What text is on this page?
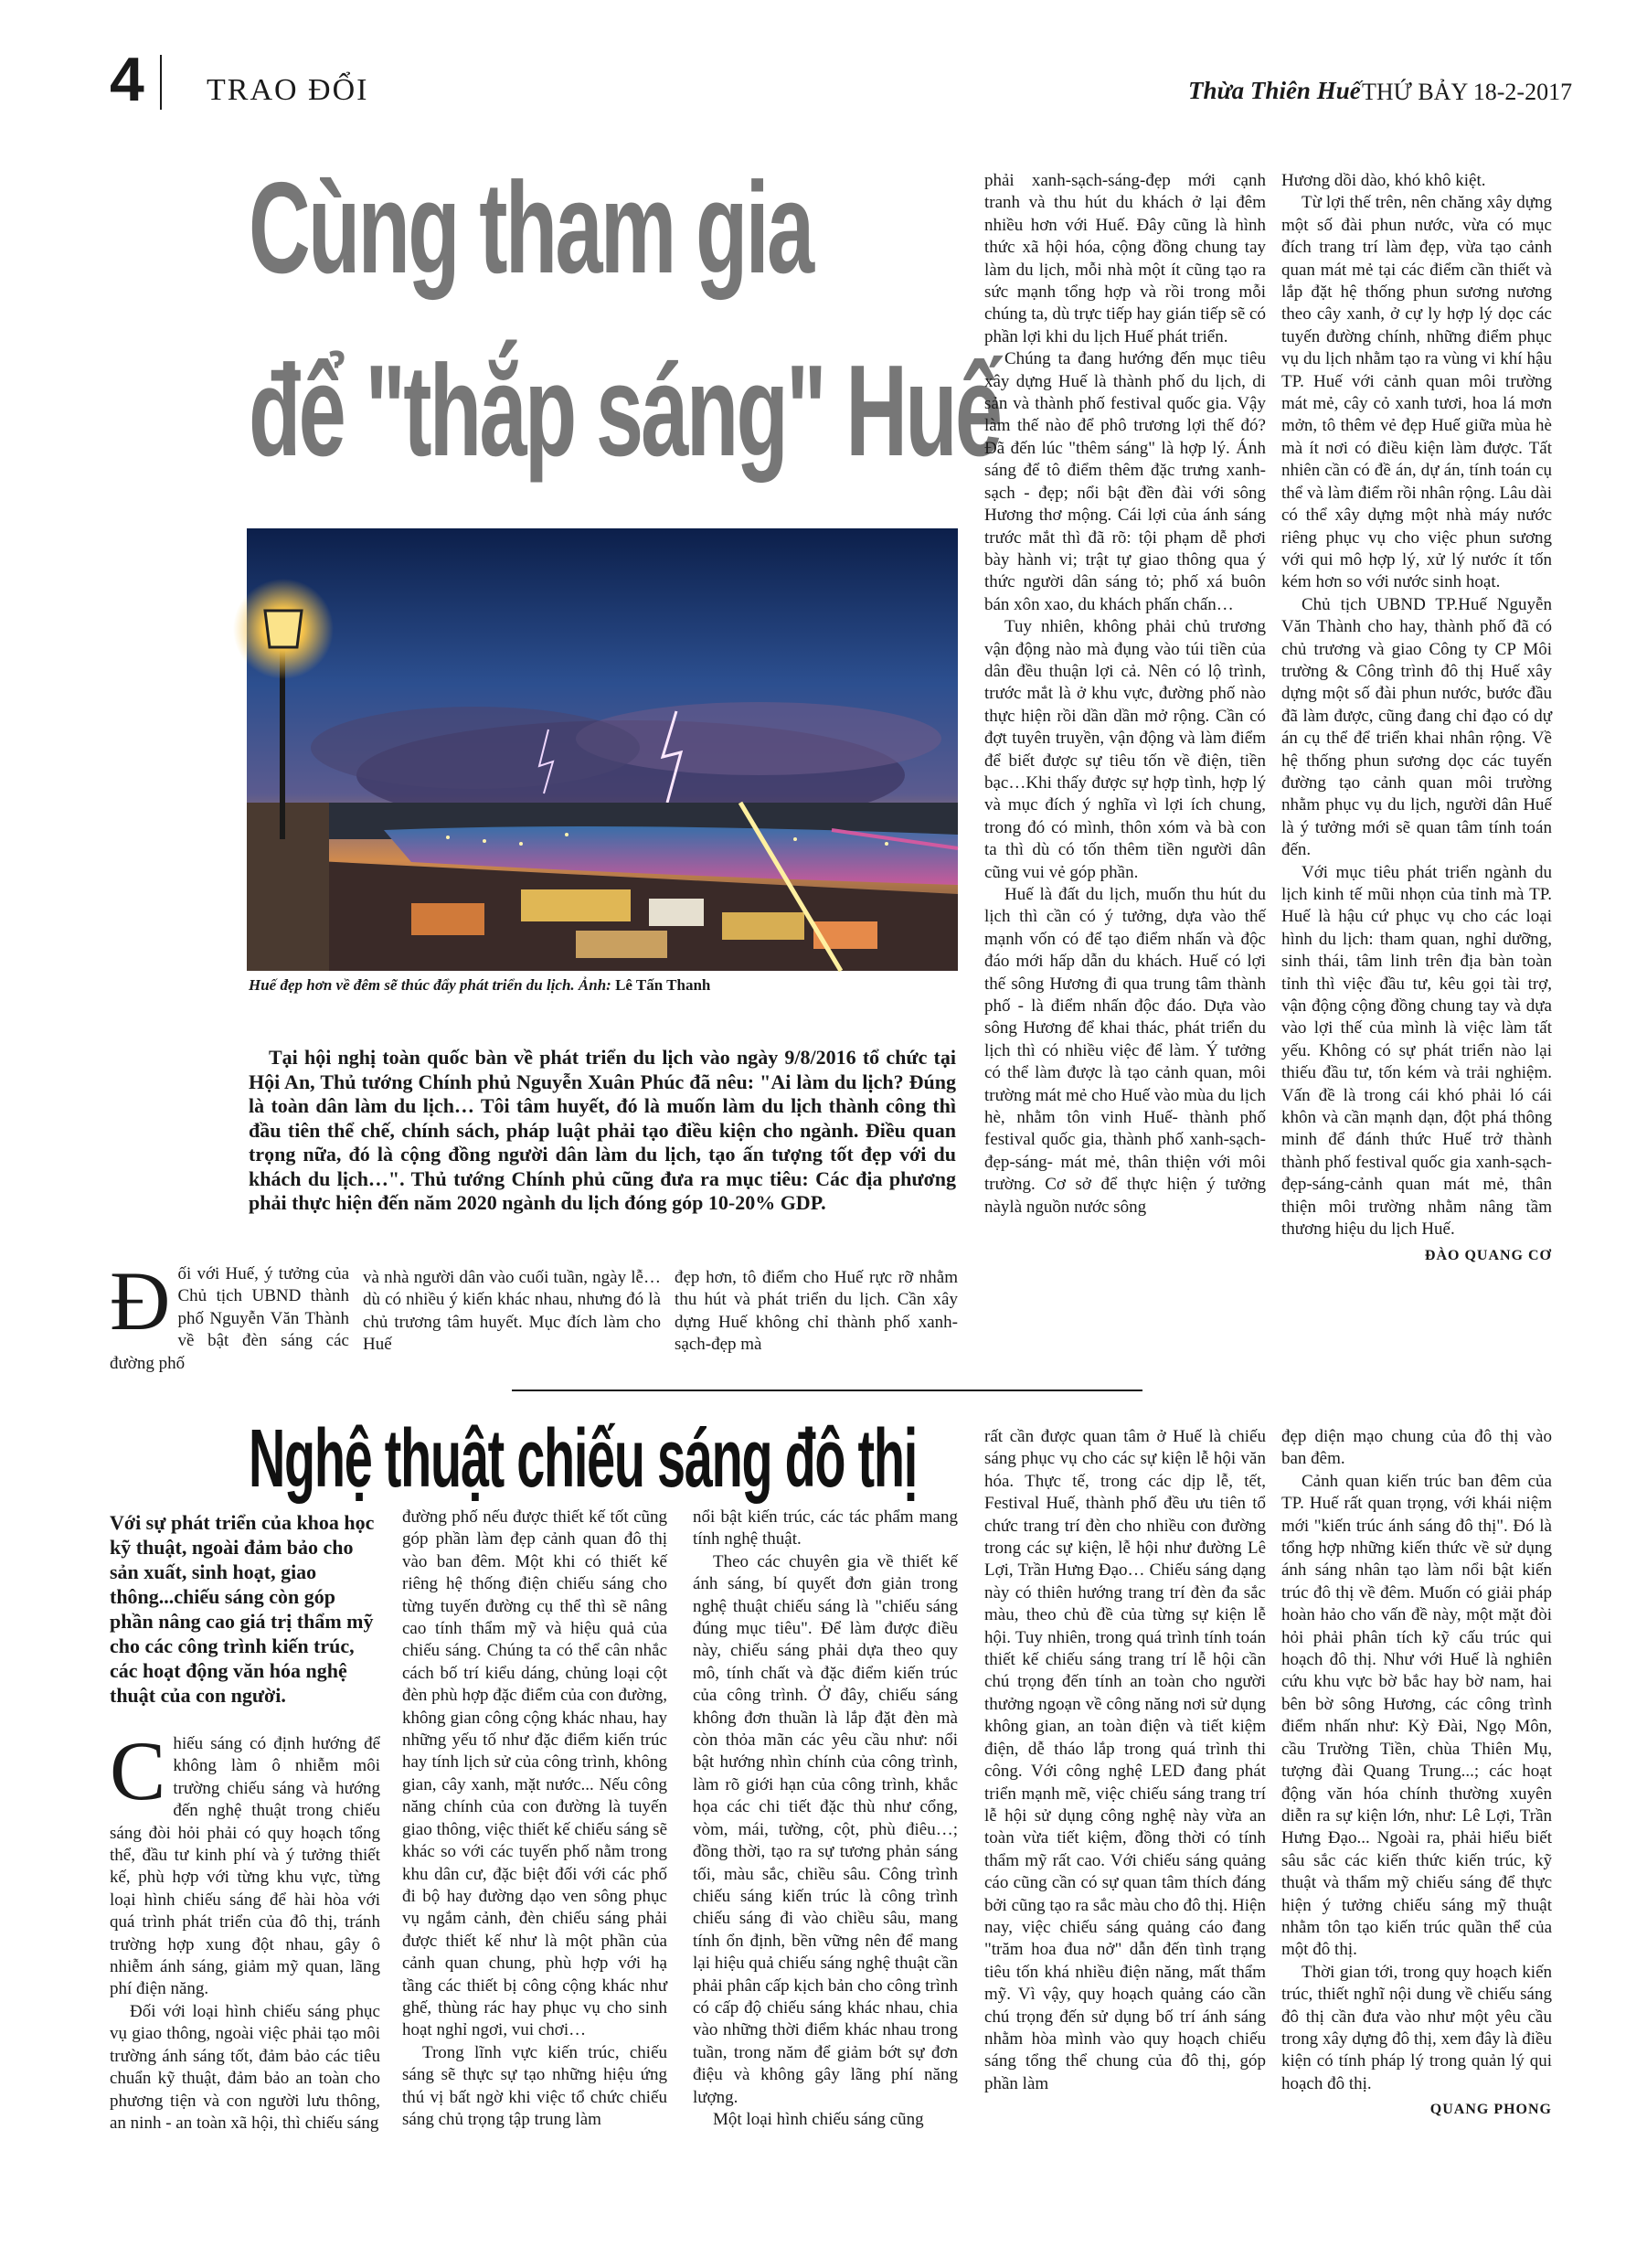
4 TRAO ĐỔI	Thừa Thiên Huế THỨ BẢY 18-2-2017
Cùng tham gia
để "thắp sáng" Huế
Huế đẹp hơn về đêm sẽ thúc đẩy phát triển du lịch. Ảnh: Lê Tấn Thanh
Tại hội nghị toàn quốc bàn về phát triển du lịch vào ngày 9/8/2016 tổ chức tại Hội An, Thủ tướng Chính phủ Nguyễn Xuân Phúc đã nêu: "Ai làm du lịch? Đúng là toàn dân làm du lịch… Tôi tâm huyết, đó là muốn làm du lịch thành công thì đầu tiên thể chế, chính sách, pháp luật phải tạo điều kiện cho ngành. Điều quan trọng nữa, đó là cộng đồng người dân làm du lịch, tạo ấn tượng tốt đẹp với du khách du lịch…". Thủ tướng Chính phủ cũng đưa ra mục tiêu: Các địa phương phải thực hiện đến năm 2020 ngành du lịch đóng góp 10-20% GDP.
Đ ối với Huế, ý tưởng của Chủ tịch UBND thành phố Nguyễn Văn Thành về bật đèn sáng các đường phố
và nhà người dân vào cuối tuần, ngày lễ…dù có nhiều ý kiến khác nhau, nhưng đó là chủ trương tâm huyết. Mục đích làm cho Huế
đẹp hơn, tô điểm cho Huế rực rỡ nhằm thu hút và phát triển du lịch. Cần xây dựng Huế không chỉ thành phố xanh-sạch-đẹp mà

phải xanh-sạch-sáng-đẹp mới cạnh tranh và thu hút du khách ở lại đêm nhiều hơn với Huế. Đây cũng là hình thức xã hội hóa, cộng đồng chung tay làm du lịch, mỗi nhà một ít cũng tạo ra sức mạnh tổng hợp và rồi trong mỗi chúng ta, dù trực tiếp hay gián tiếp sẽ có phần lợi khi du lịch Huế phát triển.

Chúng ta đang hướng đến mục tiêu xây dựng Huế là thành phố du lịch, di sản và thành phố festival quốc gia. Vậy làm thế nào để phô trương lợi thế đó? Đã đến lúc "thêm sáng" là hợp lý. Ánh sáng để tô điểm thêm đặc trưng xanh-sạch - đẹp; nổi bật đền đài với sông Hương thơ mộng. Cái lợi của ánh sáng trước mắt thì đã rõ: tội phạm dễ phơi bày hành vi; trật tự giao thông qua ý thức người dân sáng tỏ; phố xá buôn bán xôn xao, du khách phấn chấn…

Tuy nhiên, không phải chủ trương vận động nào mà đụng vào túi tiền của dân đều thuận lợi cả. Nên có lộ trình, trước mắt là ở khu vực, đường phố nào thực hiện rồi dần dần mở rộng. Cần có đợt tuyên truyền, vận động và làm điểm để biết được sự tiêu tốn về điện, tiền bạc…Khi thấy được sự hợp tình, hợp lý và mục đích ý nghĩa vì lợi ích chung, trong đó có mình, thôn xóm và bà con ta thì dù có tốn thêm tiền người dân cũng vui vẻ góp phần.

Huế là đất du lịch, muốn thu hút du lịch thì cần có ý tưởng, dựa vào thế mạnh vốn có để tạo điểm nhấn và độc đáo mới hấp dẫn du khách. Huế có lợi thế sông Hương đi qua trung tâm thành phố - là điểm nhấn độc đáo. Dựa vào sông Hương để khai thác, phát triển du lịch thì có nhiều việc để làm. Ý tưởng có thể làm được là tạo cảnh quan, môi trường mát mẻ cho Huế vào mùa du lịch hè, nhằm tôn vinh Huế- thành phố festival quốc gia, thành phố xanh-sạch-đẹp-sáng- mát mẻ, thân thiện với môi trường. Cơ sở để thực hiện ý tưởng nàylà nguồn nước sông

Hương dồi dào, khó khô kiệt.

Từ lợi thế trên, nên chăng xây dựng một số đài phun nước, vừa có mục đích trang trí làm đẹp, vừa tạo cảnh quan mát mẻ tại các điểm cần thiết và lắp đặt hệ thống phun sương nương theo cây xanh, ở cự ly hợp lý dọc các tuyến đường chính, những điểm phục vụ du lịch nhằm tạo ra vùng vi khí hậu TP. Huế với cảnh quan môi trường mát mẻ, cây cỏ xanh tươi, hoa lá mơn mởn, tô thêm vẻ đẹp Huế giữa mùa hè mà ít nơi có điều kiện làm được. Tất nhiên cần có đề án, dự án, tính toán cụ thể và làm điểm rồi nhân rộng. Lâu dài có thể xây dựng một nhà máy nước riêng phục vụ cho việc phun sương với qui mô hợp lý, xử lý nước ít tốn kém hơn so với nước sinh hoạt.

Chủ tịch UBND TP.Huế Nguyễn Văn Thành cho hay, thành phố đã có chủ trương và giao Công ty CP Môi trường & Công trình đô thị Huế xây dựng một số đài phun nước, bước đầu đã làm được, cũng đang chỉ đạo có dự án cụ thể để triển khai nhân rộng. Về hệ thống phun sương dọc các tuyến đường tạo cảnh quan môi trường nhằm phục vụ du lịch, người dân Huế là ý tưởng mới sẽ quan tâm tính toán đến.

Với mục tiêu phát triển ngành du lịch kinh tế mũi nhọn của tỉnh mà TP. Huế là hậu cứ phục vụ cho các loại hình du lịch: tham quan, nghỉ dưỡng, sinh thái, tâm linh trên địa bàn toàn tỉnh thì việc đầu tư, kêu gọi tài trợ, vận động cộng đồng chung tay và dựa vào lợi thế của mình là việc làm tất yếu. Không có sự phát triển nào lại thiếu đầu tư, tốn kém và trải nghiệm. Vấn đề là trong cái khó phải ló cái khôn và cần mạnh dạn, đột phá thông minh để đánh thức Huế trở thành thành phố festival quốc gia xanh-sạch-đẹp-sáng-cảnh quan mát mẻ, thân thiện môi trường nhằm nâng tầm thương hiệu du lịch Huế.

ĐÀO QUANG CƠ

Nghệ thuật chiếu sáng đô thị
Với sự phát triển của khoa học kỹ thuật, ngoài đảm bảo cho sản xuất, sinh hoạt, giao thông...chiếu sáng còn góp phần nâng cao giá trị thẩm mỹ cho các công trình kiến trúc, các hoạt động văn hóa nghệ thuật của con người.
C hiếu sáng có định hướng để không làm ô nhiễm môi trường chiếu sáng và hướng đến nghệ thuật trong chiếu sáng đòi hỏi phải có quy hoạch tổng thể, đầu tư kinh phí và ý tưởng thiết kế, phù hợp với từng khu vực, từng loại hình chiếu sáng để hài hòa với quá trình phát triển của đô thị, tránh trường hợp xung đột nhau, gây ô nhiễm ánh sáng, giảm mỹ quan, lãng phí điện năng.

Đối với loại hình chiếu sáng phục vụ giao thông, ngoài việc phải tạo môi trường ánh sáng tốt, đảm bảo các tiêu chuẩn kỹ thuật, đảm bảo an toàn cho phương tiện và con người lưu thông, an ninh - an toàn xã hội, thì chiếu sáng

đường phố nếu được thiết kế tốt cũng góp phần làm đẹp cảnh quan đô thị vào ban đêm. Một khi có thiết kế riêng hệ thống điện chiếu sáng cho từng tuyến đường cụ thể thì sẽ nâng cao tính thẩm mỹ và hiệu quả của chiếu sáng. Chúng ta có thể cân nhắc cách bố trí kiểu dáng, chủng loại cột đèn phù hợp đặc điểm của con đường, không gian công cộng khác nhau, hay những yếu tố như đặc điểm kiến trúc hay tính lịch sử của công trình, không gian, cây xanh, mặt nước... Nếu công năng chính của con đường là tuyến giao thông, việc thiết kế chiếu sáng sẽ khác so với các tuyến phố nằm trong khu dân cư, đặc biệt đối với các phố đi bộ hay đường dạo ven sông phục vụ ngắm cảnh, đèn chiếu sáng phải được thiết kế như là một phần của cảnh quan chung, phù hợp với hạ tầng các thiết bị công cộng khác như ghế, thùng rác hay phục vụ cho sinh hoạt nghỉ ngơi, vui chơi…

Trong lĩnh vực kiến trúc, chiếu sáng sẽ thực sự tạo những hiệu ứng thú vị bất ngờ khi việc tổ chức chiếu sáng chủ trọng tập trung làm

nổi bật kiến trúc, các tác phẩm mang tính nghệ thuật.

Theo các chuyên gia về thiết kế ánh sáng, bí quyết đơn giản trong nghệ thuật chiếu sáng là "chiếu sáng đúng mục tiêu". Để làm được điều này, chiếu sáng phải dựa theo quy mô, tính chất và đặc điểm kiến trúc của công trình. Ở đây, chiếu sáng không đơn thuần là lắp đặt đèn mà còn thỏa mãn các yêu cầu như: nổi bật hướng nhìn chính của công trình, làm rõ giới hạn của công trình, khắc họa các chi tiết đặc thù như cổng, vòm, mái, tường, cột, phù điêu…; đồng thời, tạo ra sự tương phản sáng tối, màu sắc, chiều sâu. Công trình chiếu sáng kiến trúc là công trình chiếu sáng đi vào chiều sâu, mang tính ổn định, bền vững nên để mang lại hiệu quả chiếu sáng nghệ thuật cần phải phân cấp kịch bản cho công trình có cấp độ chiếu sáng khác nhau, chia vào những thời điểm khác nhau trong tuần, trong năm để giảm bớt sự đơn điệu và không gây lãng phí năng lượng.

Một loại hình chiếu sáng cũng

rất cần được quan tâm ở Huế là chiếu sáng phục vụ cho các sự kiện lễ hội văn hóa. Thực tế, trong các dịp lễ, tết, Festival Huế, thành phố đều ưu tiên tổ chức trang trí đèn cho nhiều con đường trong các sự kiện, lễ hội như đường Lê Lợi, Trần Hưng Đạo… Chiếu sáng dạng này có thiên hướng trang trí đèn đa sắc màu, theo chủ đề của từng sự kiện lễ hội. Tuy nhiên, trong quá trình tính toán thiết kế chiếu sáng trang trí lễ hội cần chú trọng đến tính an toàn cho người thưởng ngoạn về công năng nơi sử dụng không gian, an toàn điện và tiết kiệm điện, dễ tháo lắp trong quá trình thi công. Với công nghệ LED đang phát triển mạnh mẽ, việc chiếu sáng trang trí lễ hội sử dụng công nghệ này vừa an toàn vừa tiết kiệm, đồng thời có tính thẩm mỹ rất cao. Với chiếu sáng quảng cáo cũng cần có sự quan tâm thích đáng bởi cũng tạo ra sắc màu cho đô thị. Hiện nay, việc chiếu sáng quảng cáo đang "trăm hoa đua nở" dẫn đến tình trạng tiêu tốn khá nhiều điện năng, mất thẩm mỹ. Vì vậy, quy hoạch quảng cáo cần chú trọng đến sử dụng bố trí ánh sáng nhằm hòa mình vào quy hoạch chiếu sáng tổng thể chung của đô thị, góp phần làm

đẹp diện mạo chung của đô thị vào ban đêm.

Cảnh quan kiến trúc ban đêm của TP. Huế rất quan trọng, với khái niệm mới "kiến trúc ánh sáng đô thị". Đó là tổng hợp những kiến thức về sử dụng ánh sáng nhân tạo làm nổi bật kiến trúc đô thị về đêm. Muốn có giải pháp hoàn hảo cho vấn đề này, một mặt đòi hỏi phải phân tích kỹ cấu trúc qui hoạch đô thị. Như với Huế là nghiên cứu khu vực bờ bắc hay bờ nam, hai bên bờ sông Hương, các công trình điểm nhấn như: Kỳ Đài, Ngọ Môn, cầu Trường Tiền, chùa Thiên Mụ, tượng đài Quang Trung...; các hoạt động văn hóa chính thường xuyên diễn ra sự kiện lớn, như: Lê Lợi, Trần Hưng Đạo... Ngoài ra, phải hiểu biết sâu sắc các kiến thức kiến trúc, kỹ thuật và thẩm mỹ chiếu sáng để thực hiện ý tưởng chiếu sáng mỹ thuật nhằm tôn tạo kiến trúc quần thể của một đô thị.

Thời gian tới, trong quy hoạch kiến trúc, thiết nghĩ nội dung về chiếu sáng đô thị cần đưa vào như một yêu cầu trong xây dựng đô thị, xem đây là điều kiện có tính pháp lý trong quản lý qui hoạch đô thị.

QUANG PHONG
